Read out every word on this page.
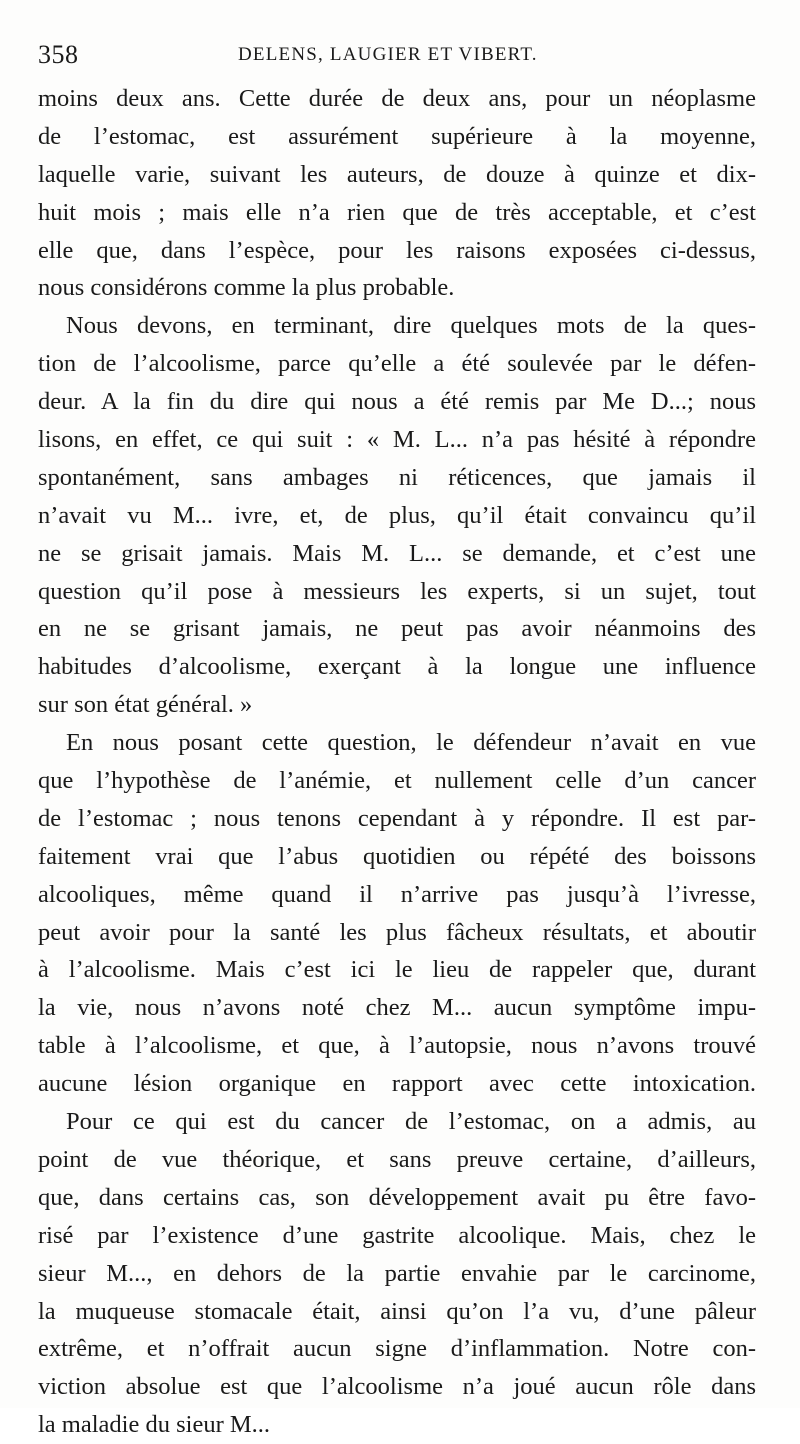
358	DELENS, LAUGIER ET VIBERT.
moins deux ans. Cette durée de deux ans, pour un néoplasme
de l’estomac, est assurément supérieure à la moyenne,
laquelle varie, suivant les auteurs, de douze à quinze et dix-
huit mois ; mais elle n’a rien que de très acceptable, et c’est
elle que, dans l’espèce, pour les raisons exposées ci-dessus,
nous considérons comme la plus probable.
Nous devons, en terminant, dire quelques mots de la ques-
tion de l’alcoolisme, parce qu’elle a été soulevée par le défen-
deur. A la fin du dire qui nous a été remis par Me D...; nous
lisons, en effet, ce qui suit : « M. L... n’a pas hésité à répondre
spontanément, sans ambages ni réticences, que jamais il
n’avait vu M... ivre, et, de plus, qu’il était convaincu qu’il
ne se grisait jamais. Mais M. L... se demande, et c’est une
question qu’il pose à messieurs les experts, si un sujet, tout
en ne se grisant jamais, ne peut pas avoir néanmoins des
habitudes d’alcoolisme, exerçant à la longue une influence
sur son état général. »
En nous posant cette question, le défendeur n’avait en vue
que l’hypothèse de l’anémie, et nullement celle d’un cancer
de l’estomac ; nous tenons cependant à y répondre. Il est par-
faitement vrai que l’abus quotidien ou répété des boissons
alcooliques, même quand il n’arrive pas jusqu’à l’ivresse,
peut avoir pour la santé les plus fâcheux résultats, et aboutir
à l’alcoolisme. Mais c’est ici le lieu de rappeler que, durant
la vie, nous n’avons noté chez M... aucun symptôme impu-
table à l’alcoolisme, et que, à l’autopsie, nous n’avons trouvé
aucune lésion organique en rapport avec cette intoxication.
Pour ce qui est du cancer de l’estomac, on a admis, au
point de vue théorique, et sans preuve certaine, d’ailleurs,
que, dans certains cas, son développement avait pu être favo-
risé par l’existence d’une gastrite alcoolique. Mais, chez le
sieur M..., en dehors de la partie envahie par le carcinome,
la muqueuse stomacale était, ainsi qu’on l’a vu, d’une pâleur
extrême, et n’offrait aucun signe d’inflammation. Notre con-
viction absolue est que l’alcoolisme n’a joué aucun rôle dans
la maladie du sieur M...
